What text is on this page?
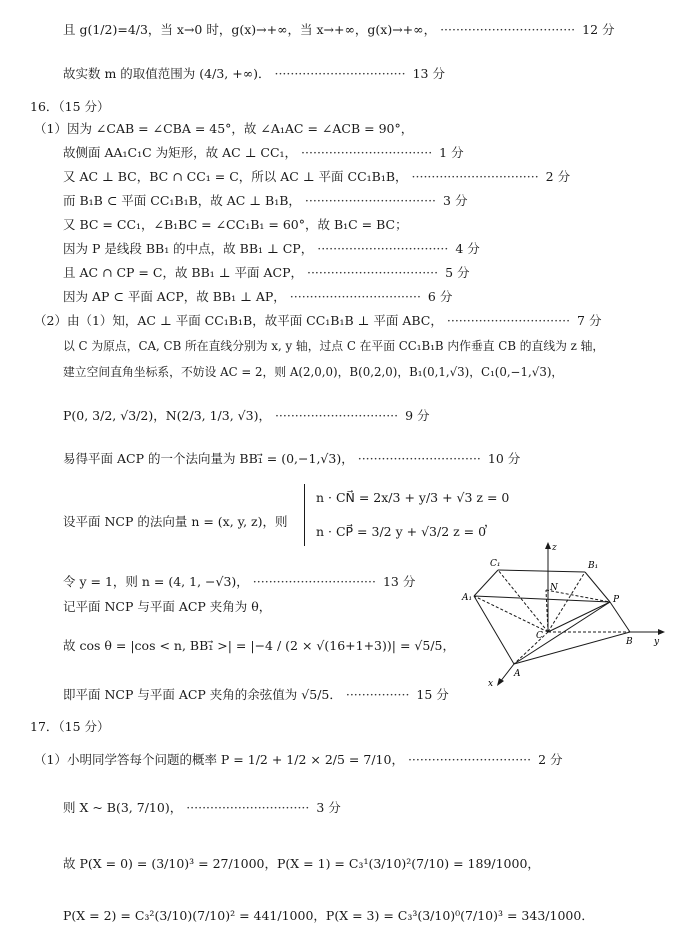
且 g(1/2)=4/3，当 x→0 时，g(x)→+∞，当 x→+∞，g(x)→+∞， ·································· 12 分
故实数 m 的取值范围为 (4/3, +∞)． ································· 13 分
16．（15 分）
（1）因为 ∠CAB = ∠CBA = 45°，故 ∠A₁AC = ∠ACB = 90°，
故侧面 AA₁C₁C 为矩形，故 AC ⊥ CC₁， ································· 1 分
又 AC ⊥ BC，BC ∩ CC₁ = C，所以 AC ⊥ 平面 CC₁B₁B， ································ 2 分
而 B₁B ⊂ 平面 CC₁B₁B，故 AC ⊥ B₁B， ································· 3 分
又 BC = CC₁，∠B₁BC = ∠CC₁B₁ = 60°，故 B₁C = BC；
因为 P 是线段 BB₁ 的中点，故 BB₁ ⊥ CP， ································· 4 分
且 AC ∩ CP = C，故 BB₁ ⊥ 平面 ACP， ································· 5 分
因为 AP ⊂ 平面 ACP，故 BB₁ ⊥ AP， ································· 6 分
（2）由（1）知，AC ⊥ 平面 CC₁B₁B，故平面 CC₁B₁B ⊥ 平面 ABC， ······························· 7 分
以 C 为原点，CA, CB 所在直线分别为 x, y 轴，过点 C 在平面 CC₁B₁B 内作垂直 CB 的直线为 z 轴，
建立空间直角坐标系，不妨设 AC = 2，则 A(2,0,0)，B(0,2,0)，B₁(0,1,√3)，C₁(0,−1,√3)，
P(0, 3/2, √3/2)，N(2/3, 1/3, √3)， ······························· 9 分
易得平面 ACP 的一个法向量为 BB₁⃗ = (0,−1,√3)， ······························· 10 分
设平面 NCP 的法向量 n = (x, y, z)，则
n · CN⃗ = 2x/3 + y/3 + √3 z = 0
n · CP⃗ = 3/2 y + √3/2 z = 0
，
令 y = 1，则 n = (4, 1, −√3)， ······························· 13 分
记平面 NCP 与平面 ACP 夹角为 θ，
故 cos θ = |cos < n, BB₁⃗ >| = |−4 / (2 × √(16+1+3))| = √5/5，
即平面 NCP 与平面 ACP 夹角的余弦值为 √5/5． ················ 15 分
C₁	B₁
z
A₁
N
P
C
B y
A
x
17．（15 分）
（1）小明同学答每个问题的概率 P = 1/2 + 1/2 × 2/5 = 7/10， ······························· 2 分
则 X ~ B(3, 7/10)， ······························· 3 分
故 P(X = 0) = (3/10)³ = 27/1000，P(X = 1) = C₃¹(3/10)²(7/10) = 189/1000，
P(X = 2) = C₃²(3/10)(7/10)² = 441/1000，P(X = 3) = C₃³(3/10)⁰(7/10)³ = 343/1000．
